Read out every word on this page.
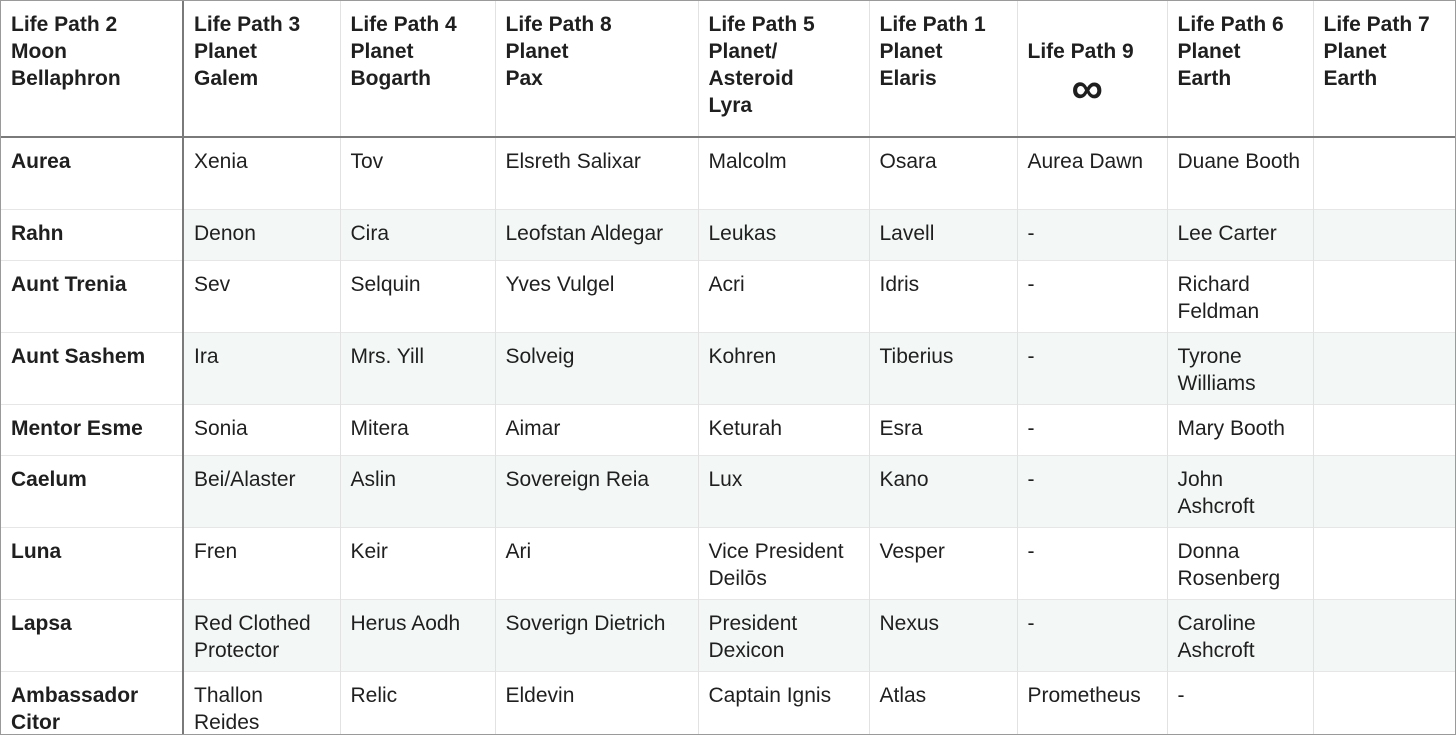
Life Path 2
Moon
Bellaphron	Life Path 3
Planet
Galem	Life Path 4
Planet
Bogarth	Life Path 8
Planet
Pax	Life Path 5
Planet/
Asteroid
Lyra	Life Path 1
Planet
Elaris	Life Path 9

∞	Life Path 6
Planet
Earth	Life Path 7
Planet
Earth
Aurea	Xenia	Tov	Elsreth Salixar	Malcolm	Osara	Aurea Dawn	Duane Booth	
Rahn	Denon	Cira	Leofstan Aldegar	Leukas	Lavell	-	Lee Carter	
Aunt Trenia	Sev	Selquin	Yves Vulgel	Acri	Idris	-	Richard Feldman	
Aunt Sashem	Ira	Mrs. Yill	Solveig	Kohren	Tiberius	-	Tyrone Williams	
Mentor Esme	Sonia	Mitera	Aimar	Keturah	Esra	-	Mary Booth	
Caelum	Bei/Alaster	Aslin	Sovereign Reia	Lux	Kano	-	John Ashcroft	
Luna	Fren	Keir	Ari	Vice President Deilōs	Vesper	-	Donna Rosenberg	
Lapsa	Red Clothed Protector	Herus Aodh	Soverign Dietrich	President Dexicon	Nexus	-	Caroline Ashcroft	
Ambassador Citor	Thallon Reides	Relic	Eldevin	Captain Ignis	Atlas	Prometheus	-	
